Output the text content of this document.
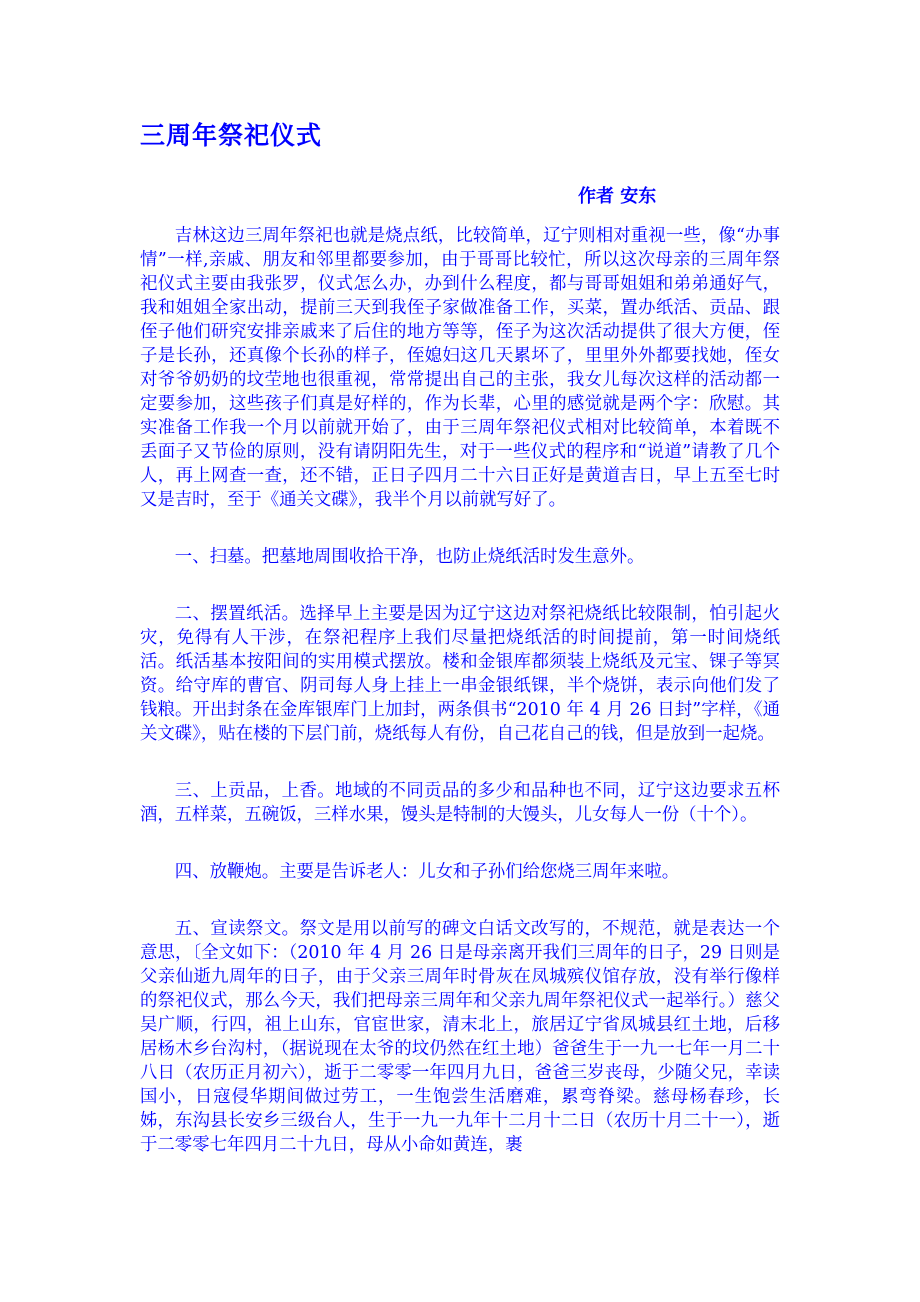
三周年祭祀仪式

作者 安东

吉林这边三周年祭祀也就是烧点纸，比较简单，辽宁则相对重视一些，像“办事情”一样,亲戚、朋友和邻里都要参加，由于哥哥比较忙，所以这次母亲的三周年祭祀仪式主要由我张罗，仪式怎么办，办到什么程度，都与哥哥姐姐和弟弟通好气，我和姐姐全家出动，提前三天到我侄子家做准备工作，买菜，置办纸活、贡品、跟侄子他们研究安排亲戚来了后住的地方等等，侄子为这次活动提供了很大方便，侄子是长孙，还真像个长孙的样子，侄媳妇这几天累坏了，里里外外都要找她，侄女对爷爷奶奶的坟茔地也很重视，常常提出自己的主张，我女儿每次这样的活动都一定要参加，这些孩子们真是好样的，作为长辈，心里的感觉就是两个字：欣慰。其实准备工作我一个月以前就开始了，由于三周年祭祀仪式相对比较简单，本着既不丢面子又节俭的原则，没有请阴阳先生，对于一些仪式的程序和“说道”请教了几个人，再上网查一查，还不错，正日子四月二十六日正好是黄道吉日，早上五至七时又是吉时，至于《通关文碟》，我半个月以前就写好了。

一、扫墓。把墓地周围收拾干净，也防止烧纸活时发生意外。

二、摆置纸活。选择早上主要是因为辽宁这边对祭祀烧纸比较限制，怕引起火灾，免得有人干涉，在祭祀程序上我们尽量把烧纸活的时间提前，第一时间烧纸活。纸活基本按阳间的实用模式摆放。楼和金银库都须装上烧纸及元宝、锞子等冥资。给守库的曹官、阴司每人身上挂上一串金银纸锞，半个烧饼，表示向他们发了钱粮。开出封条在金库银库门上加封，两条俱书“2010 年 4 月 26 日封”字样，《通关文碟》，贴在楼的下层门前，烧纸每人有份，自己花自己的钱，但是放到一起烧。

三、上贡品，上香。地域的不同贡品的多少和品种也不同，辽宁这边要求五杯酒，五样菜，五碗饭，三样水果，馒头是特制的大馒头，儿女每人一份（十个）。

四、放鞭炮。主要是告诉老人：儿女和子孙们给您烧三周年来啦。

五、宣读祭文。祭文是用以前写的碑文白话文改写的，不规范，就是表达一个意思，〔全文如下：（2010 年 4 月 26 日是母亲离开我们三周年的日子，29 日则是父亲仙逝九周年的日子，由于父亲三周年时骨灰在凤城殡仪馆存放，没有举行像样的祭祀仪式，那么今天，我们把母亲三周年和父亲九周年祭祀仪式一起举行。）慈父吴广顺，行四，祖上山东，官宦世家，清末北上，旅居辽宁省凤城县红土地，后移居杨木乡台沟村，（据说现在太爷的坟仍然在红土地）爸爸生于一九一七年一月二十八日（农历正月初六），逝于二零零一年四月九日，爸爸三岁丧母，少随父兄，幸读国小，日寇侵华期间做过劳工，一生饱尝生活磨难，累弯脊梁。慈母杨春珍，长姊，东沟县长安乡三级台人，生于一九一九年十二月十二日（农历十月二十一），逝于二零零七年四月二十九日，母从小命如黄连，裹
